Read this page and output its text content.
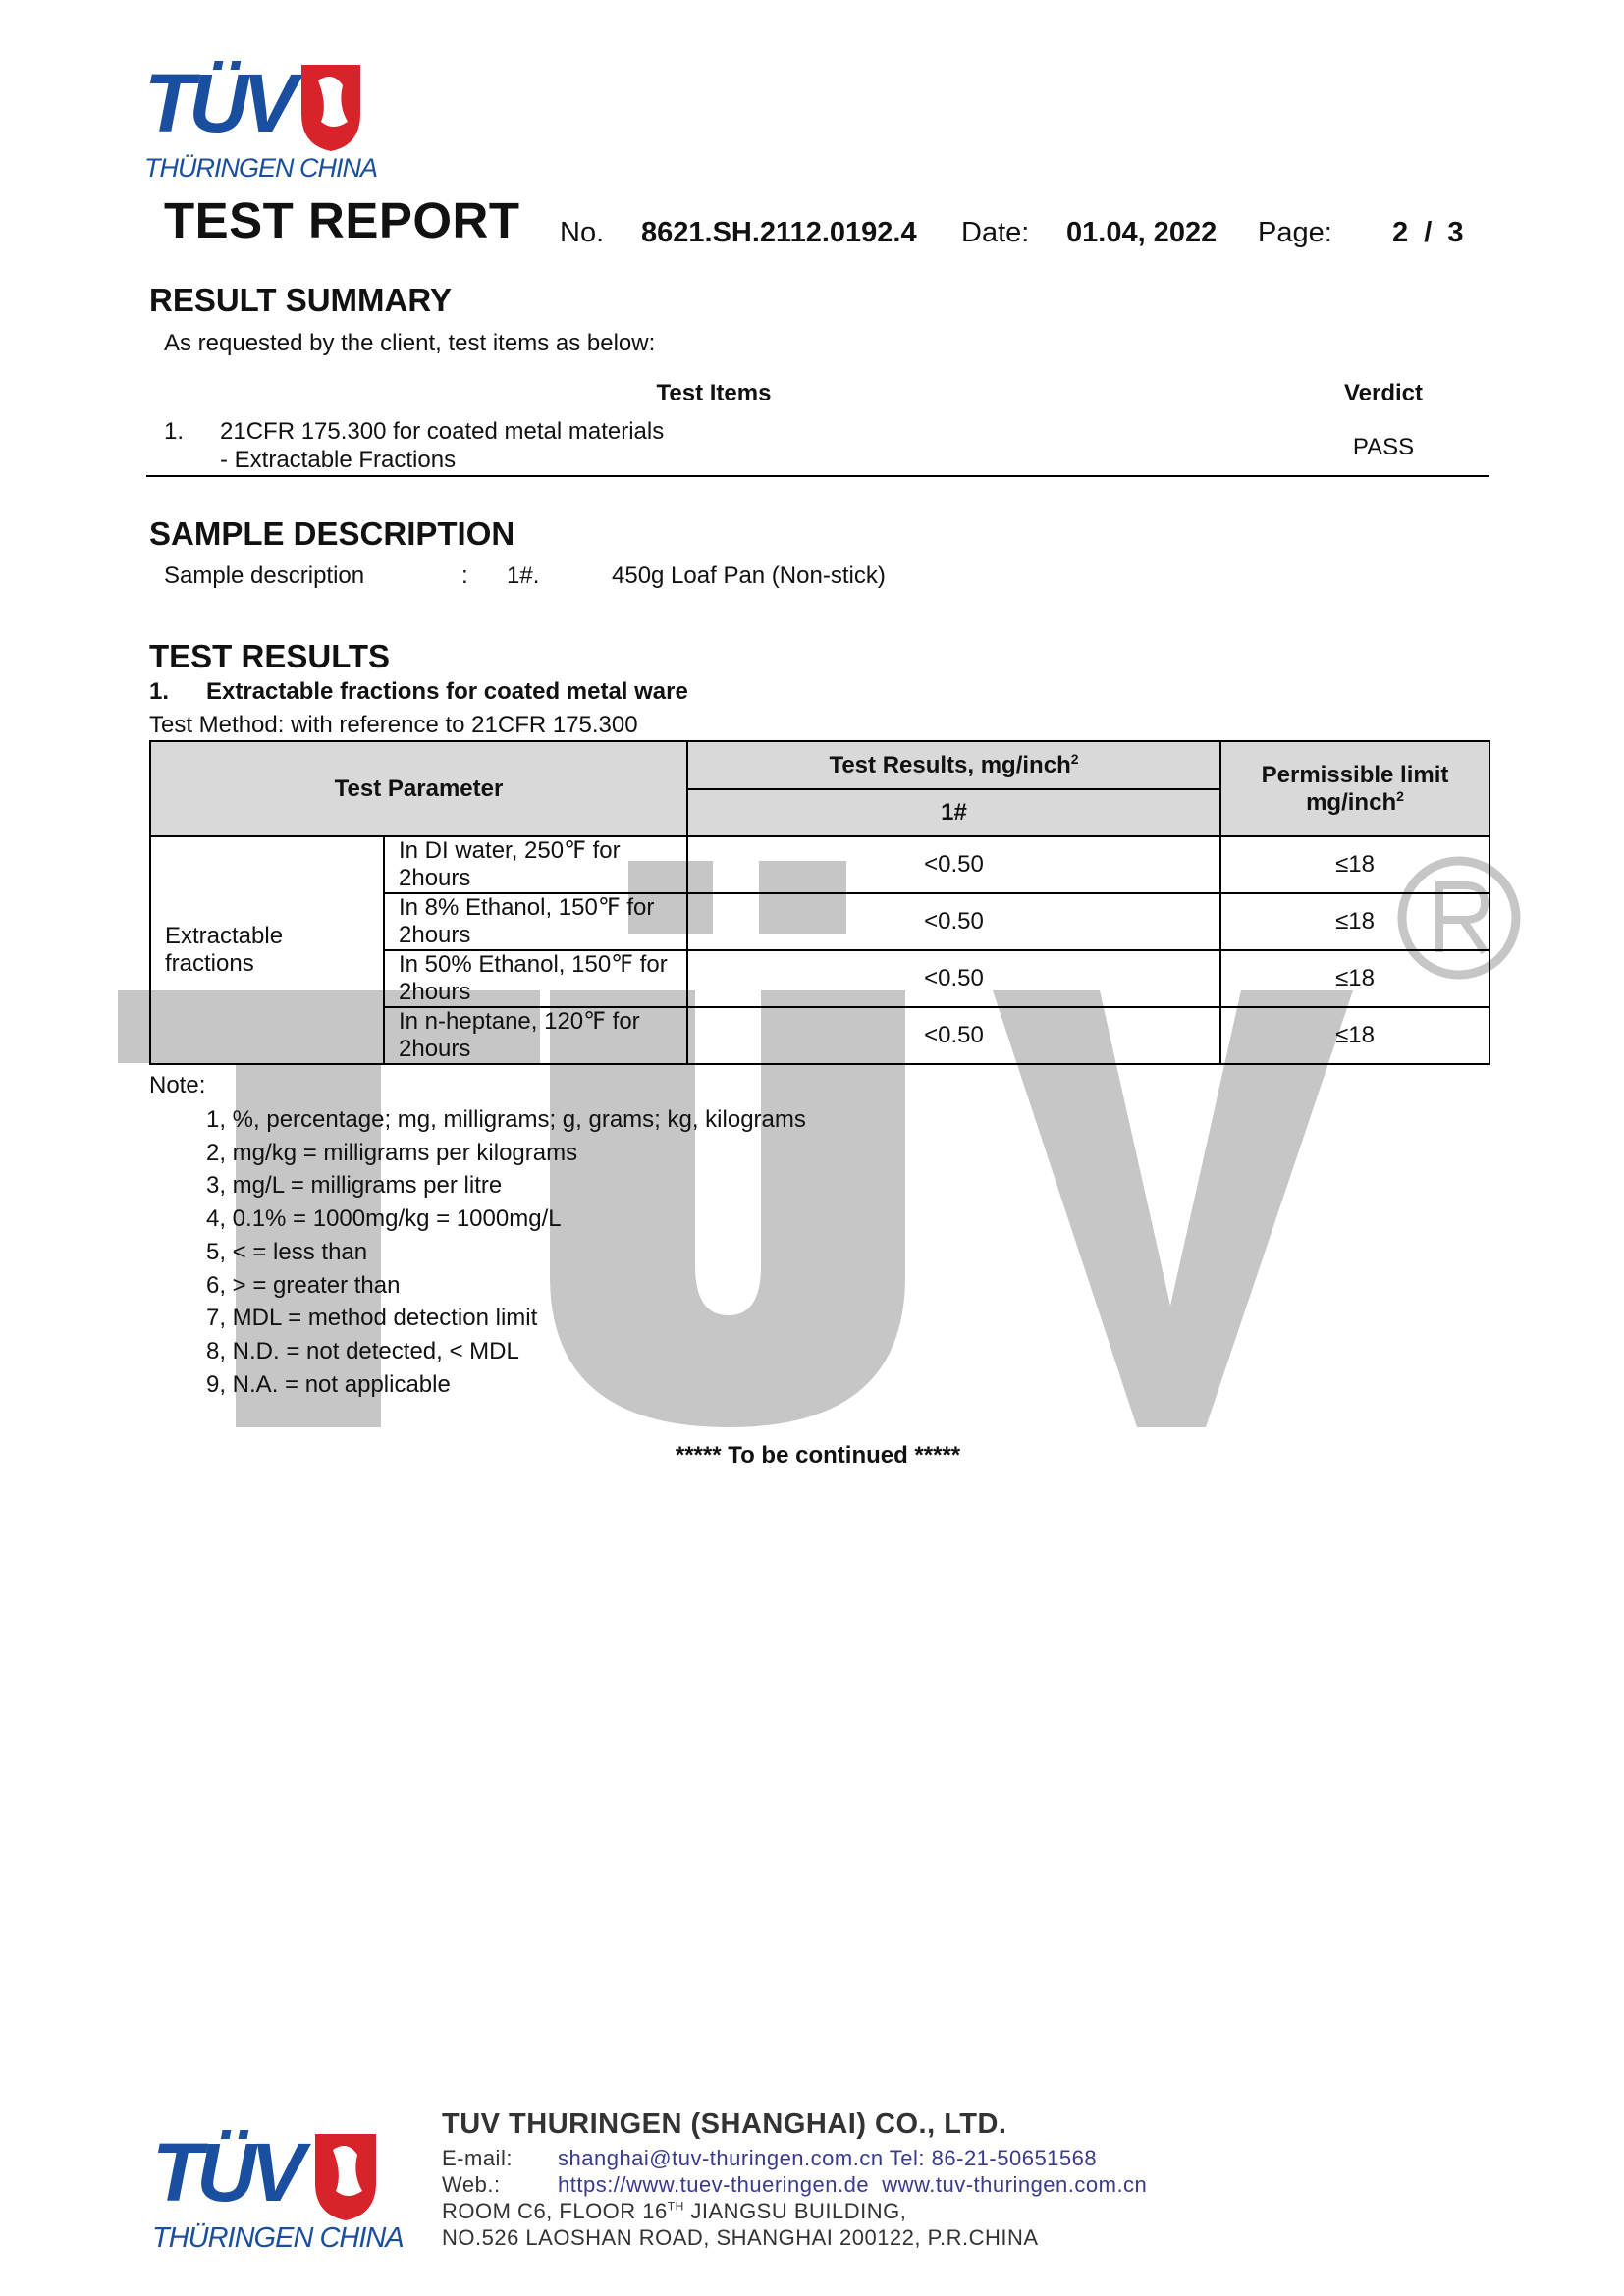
TÜV
THÜRINGEN CHINA
TEST REPORT No. 8621.SH.2112.0192.4 Date: 01.04, 2022 Page: 2  /  3
RESULT SUMMARY
As requested by the client, test items as below:
Test Items	Verdict
1. 21CFR 175.300 for coated metal materials
- Extractable Fractions	PASS
SAMPLE DESCRIPTION
Sample description	: 1#.	450g Loaf Pan (Non-stick)
TEST RESULTS
1. Extractable fractions for coated metal ware
Test Method: with reference to 21CFR 175.300
Test Parameter		Test Results, mg/inch$^2$	Permissible limit
mg/inch$^2$
		1#	
Extractable fractions	In DI water, 250℉ for 2hours	<0.50	≤18
	In 8% Ethanol, 150℉ for 2hours	<0.50	≤18
	In 50% Ethanol, 150℉ for 2hours	<0.50	≤18
	In n-heptane, 120℉ for 2hours	<0.50	≤18
Note:
1, %, percentage; mg, milligrams; g, grams; kg, kilograms
2, mg/kg = milligrams per kilograms
3, mg/L = milligrams per litre
4, 0.1% = 1000mg/kg = 1000mg/L
5, < = less than
6, > = greater than
7, MDL = method detection limit
8, N.D. = not detected, < MDL
9, N.A. = not applicable
***** To be continued *****
TÜV
THÜRINGEN CHINA
TUV THURINGEN (SHANGHAI) CO., LTD.
E-mail: shanghai@tuv-thuringen.com.cn Tel: 86-21-50651568
Web.:	https://www.tuev-thueringen.de www.tuv-thuringen.com.cn
ROOM C6, FLOOR 16TH JIANGSU BUILDING,
NO.526 LAOSHAN ROAD, SHANGHAI 200122, P.R.CHINA
